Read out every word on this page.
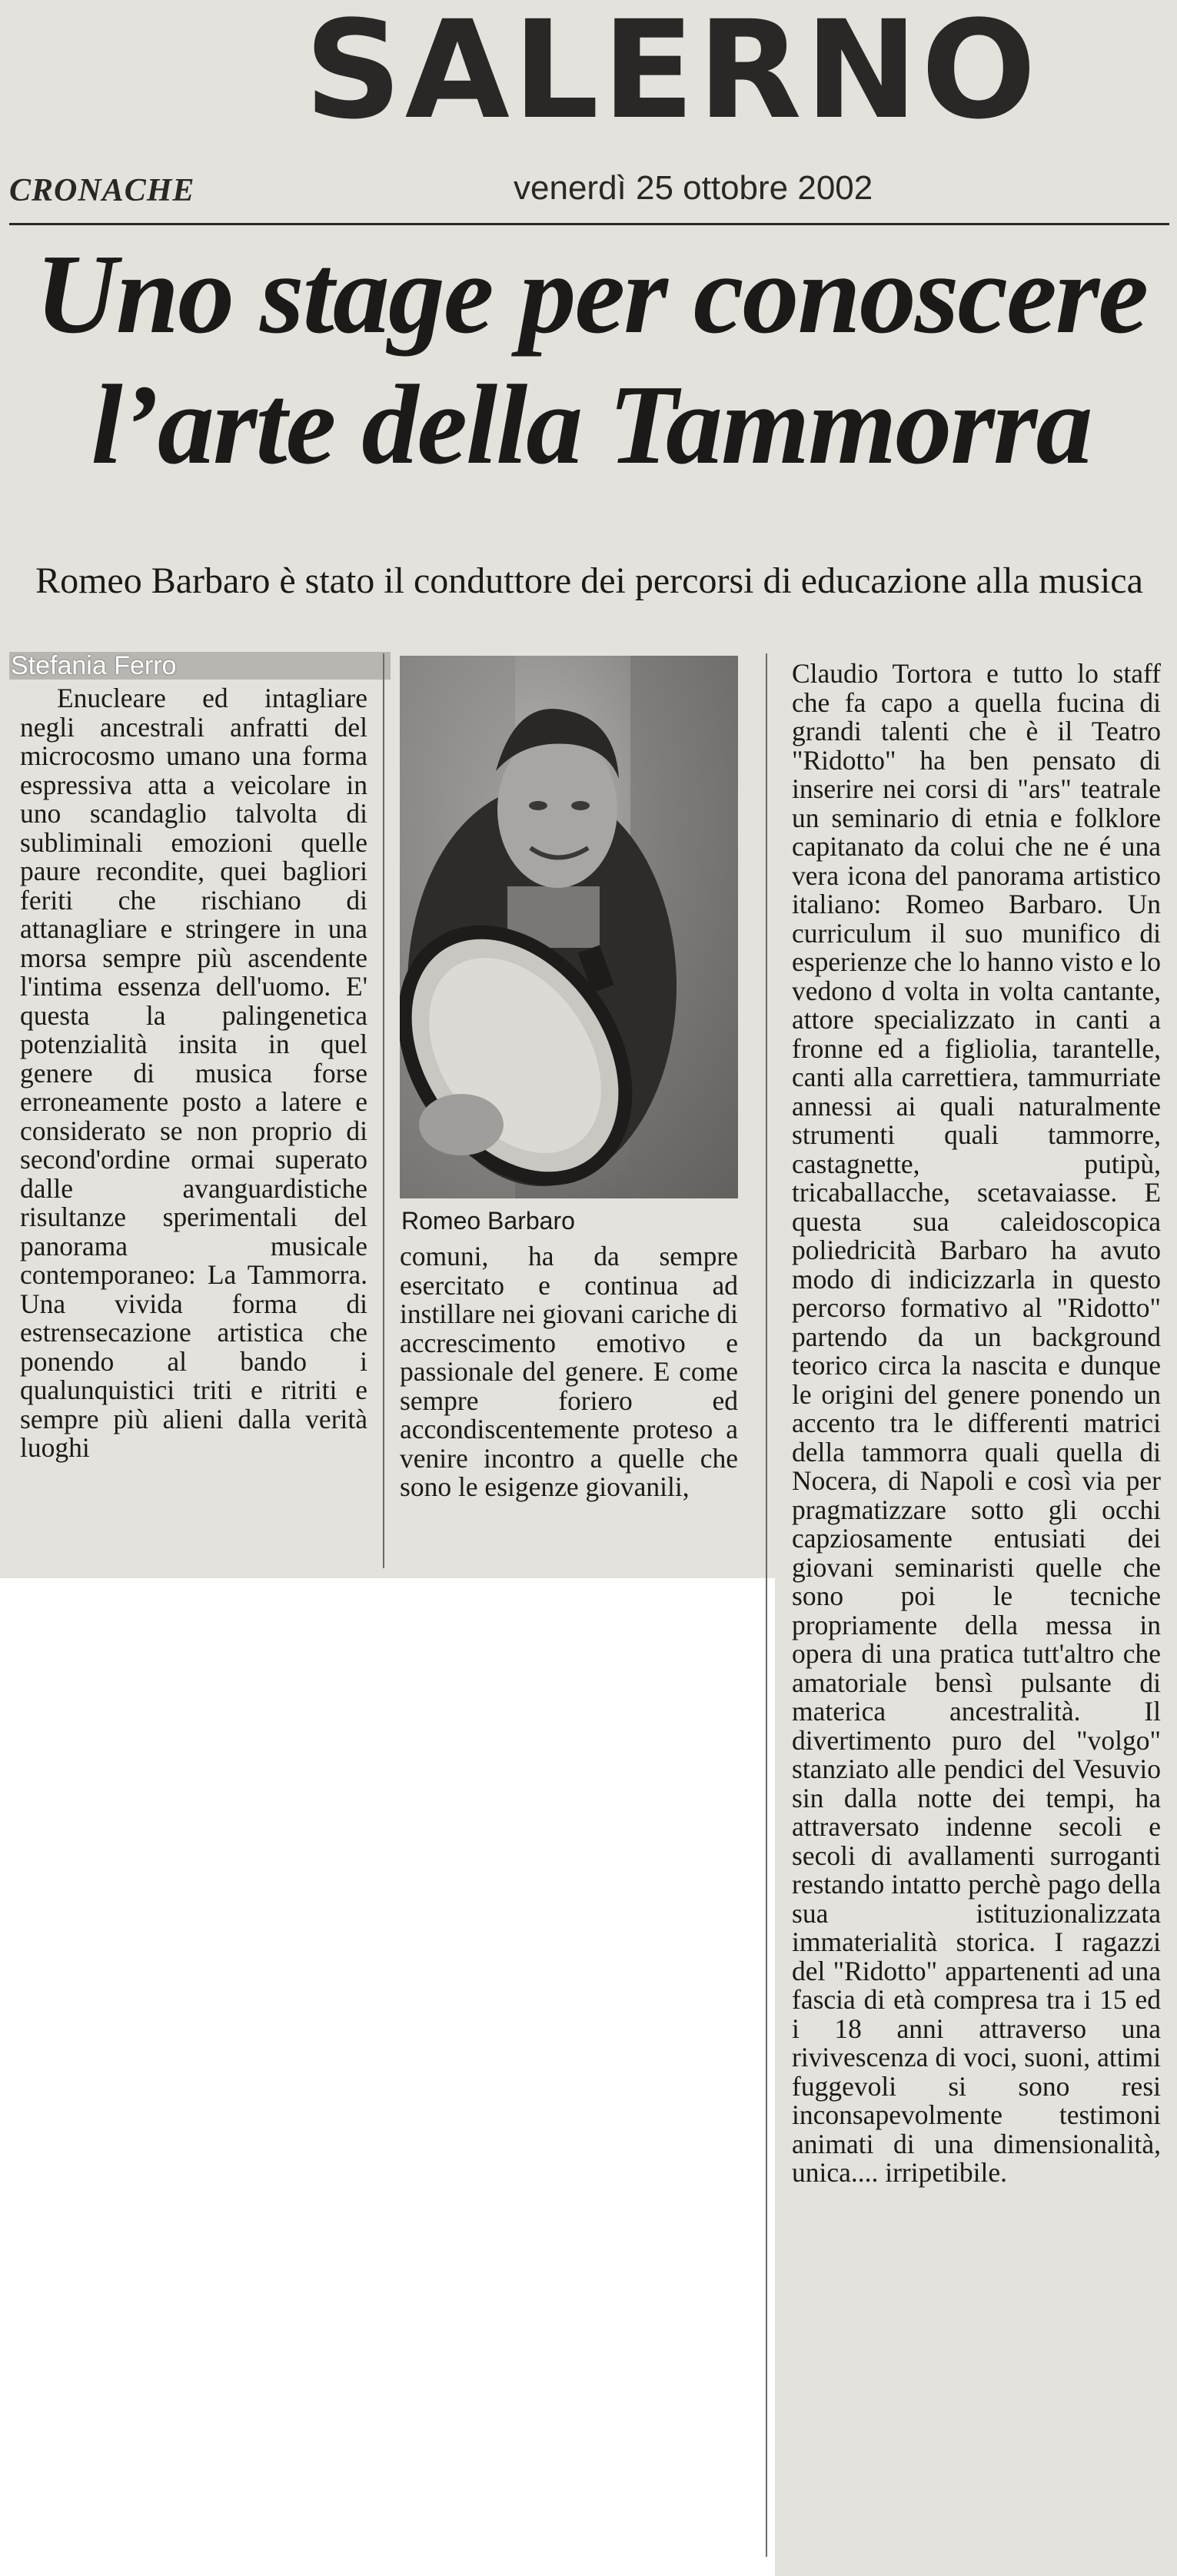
SALERNO
CRONACHE	venerdì 25 ottobre 2002
Uno stage per conoscere
l’arte della Tammorra
Romeo Barbaro è stato il conduttore dei percorsi di educazione alla musica
Stefania Ferro

Enucleare ed intagliare negli ancestrali anfratti del microcosmo umano una forma espressiva atta a veicolare in uno scandaglio talvolta di subliminali emozioni quelle paure recondite, quei bagliori feriti che rischiano di attanagliare e stringere in una morsa sempre più ascendente l'intima essenza dell'uomo. E' questa la palingenetica potenzialità insita in quel genere di musica forse erroneamente posto a latere e considerato se non proprio di second'ordine ormai superato dalle avanguardistiche risultanze sperimentali del panorama musicale contemporaneo: La Tammorra. Una vivida forma di estrensecazione artistica che ponendo al bando i qualunquistici triti e ritriti e sempre più alieni dalla verità luoghi

Romeo Barbaro

comuni, ha da sempre esercitato e continua ad instillare nei giovani cariche di accrescimento emotivo e passionale del genere. E come sempre foriero ed accondiscentemente proteso a venire incontro a quelle che sono le esigenze giovanili,

Claudio Tortora e tutto lo staff che fa capo a quella fucina di grandi talenti che è il Teatro "Ridotto" ha ben pensato di inserire nei corsi di "ars" teatrale un seminario di etnia e folklore capitanato da colui che ne é una vera icona del panorama artistico italiano: Romeo Barbaro. Un curriculum il suo munifico di esperienze che lo hanno visto e lo vedono d volta in volta cantante, attore specializzato in canti a fronne ed a figliolia, tarantelle, canti alla carrettiera, tammurriate annessi ai quali naturalmente strumenti quali tammorre, castagnette, putipù, tricaballacche, scetavaiasse. E questa sua caleidoscopica poliedricità Barbaro ha avuto modo di indicizzarla in questo percorso formativo al "Ridotto" partendo da un background teorico circa la nascita e dunque le origini del genere ponendo un accento tra le differenti matrici della tammorra quali quella di Nocera, di Napoli e così via per pragmatizzare sotto gli occhi capziosamente entusiati dei giovani seminaristi quelle che sono poi le tecniche propriamente della messa in opera di una pratica tutt'altro che amatoriale bensì pulsante di materica ancestralità. Il divertimento puro del "volgo" stanziato alle pendici del Vesuvio sin dalla notte dei tempi, ha attraversato indenne secoli e secoli di avallamenti surroganti restando intatto perchè pago della sua istituzionalizzata immaterialità storica. I ragazzi del "Ridotto" appartenenti ad una fascia di età compresa tra i 15 ed i 18 anni attraverso una rivivescenza di voci, suoni, attimi fuggevoli si sono resi inconsapevolmente testimoni animati di una dimensionalità, unica.... irripetibile.
